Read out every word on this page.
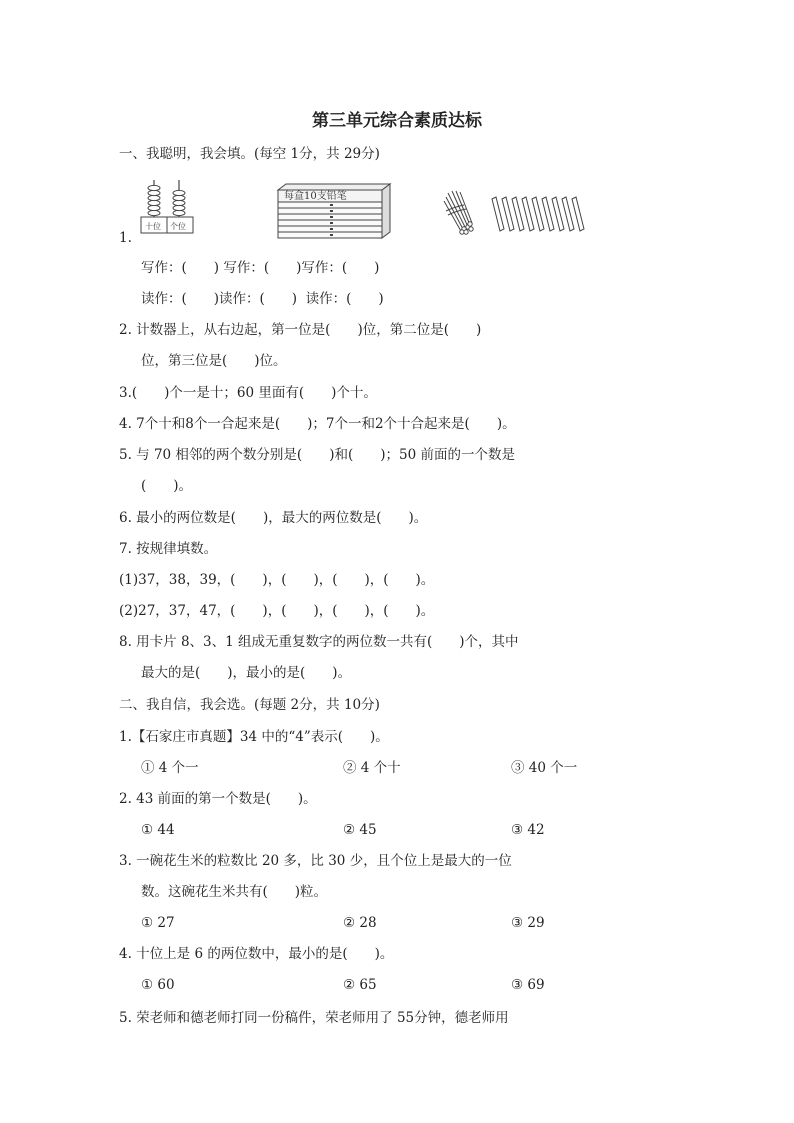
第三单元综合素质达标
一、我聪明，我会填。(每空 1分，共 29分)
十位 个位
每盒10支铅笔
1.
写作：(　　) 写作：(　　)写作：(　　)
读作：(　　)读作：(　　)  读作：(　　)
2. 计数器上，从右边起，第一位是(　　)位，第二位是(　　)
位，第三位是(　　)位。
3.(　　)个一是十；60 里面有(　　)个十。
4. 7个十和8个一合起来是(　　)；7个一和2个十合起来是(　　)。
5. 与 70 相邻的两个数分别是(　　)和(　　)；50 前面的一个数是
(　　)。
6. 最小的两位数是(　　)，最大的两位数是(　　)。
7. 按规律填数。
(1)37，38，39，(　　)，(　　)，(　　)，(　　)。
(2)27，37，47，(　　)，(　　)，(　　)，(　　)。
8. 用卡片 8、3、1 组成无重复数字的两位数一共有(　　)个，其中
最大的是(　　)，最小的是(　　)。
二、我自信，我会选。(每题 2分，共 10分)
1.【石家庄市真题】34 中的“4”表示(　　)。
① 4 个一	② 4 个十	③ 40 个一
2. 43 前面的第一个数是(　　)。
① 44	② 45	③ 42
3. 一碗花生米的粒数比 20 多，比 30 少，且个位上是最大的一位
数。这碗花生米共有(　　)粒。
① 27	② 28	③ 29
4. 十位上是 6 的两位数中，最小的是(　　)。
① 60	② 65	③ 69
5. 荣老师和德老师打同一份稿件，荣老师用了 55分钟，德老师用
